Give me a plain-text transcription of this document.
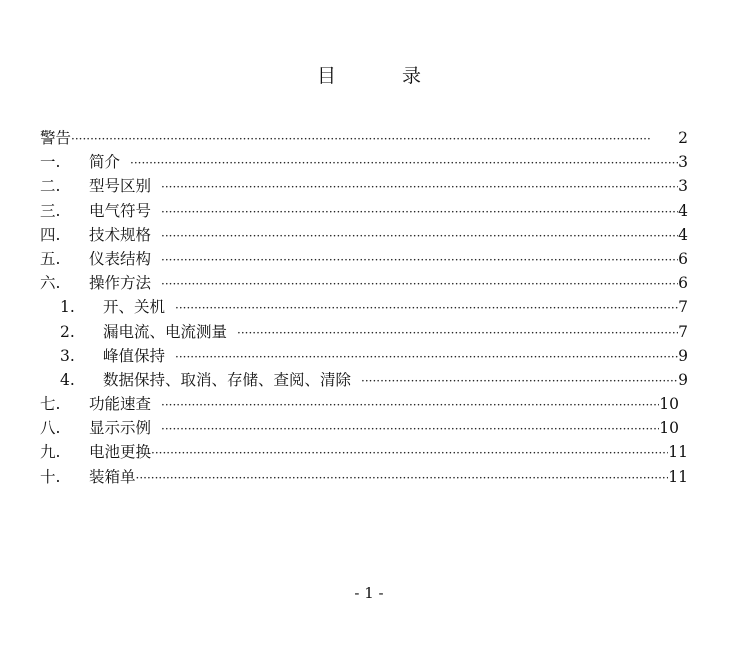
目 录
警告 ·····	2
一.	简介 ·····	3
二.	型号区别 ·····	3
三.	电气符号 ·····	4
四.	技术规格 ·····	4
五.	仪表结构 ·····	6
六.	操作方法 ·····	6
1.	开、关机 ·····	7
2.	漏电流、电流测量 ·····	7
3.	峰值保持 ·····	9
4.	数据保持、取消、存储、查阅、清除 ·····	9
七.	功能速查 ·····	10
八.	显示示例 ·····	10
九.	电池更换 ·····	11
十.	装箱单 ·····	11
- 1 -
